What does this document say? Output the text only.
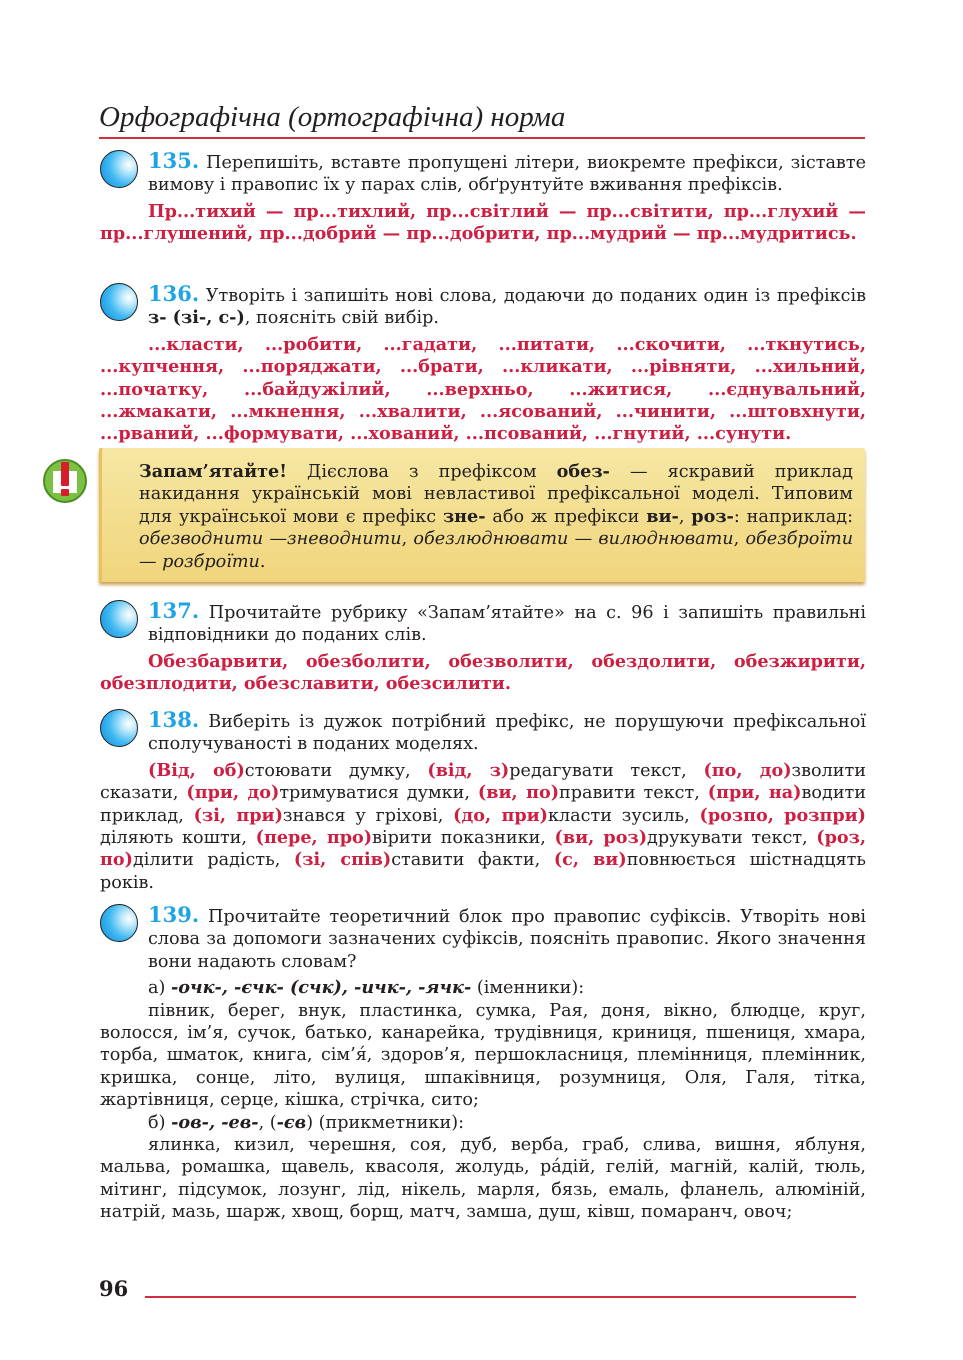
Орфографічна (ортографічна) норма
135. Перепишіть, вставте пропущені літери, виокремте префікси, зіставте вимову і правопис їх у парах слів, обґрунтуйте вживання префіксів.
Пр...тихий — пр...тихлий, пр...світлий — пр...світити, пр...глухий — пр...глушений, пр...добрий — пр...добрити, пр...мудрий — пр...мудритись.
136. Утворіть і запишіть нові слова, додаючи до поданих один із префіксів з- (зі-, с-), поясніть свій вибір.
...класти, ...робити, ...гадати, ...питати, ...скочити, ...ткнутись, ...купчення, ...поряджати, ...брати, ...кликати, ...рівняти, ...хильний, ...початку, ...байдужілий, ...верхньо, ...житися, ...єднувальний, ...жмакати, ...мкнення, ...хвалити, ...ясований, ...чинити, ...штовхнути, ...рваний, ...формувати, ...хований, ...псований, ...гнутий, ...сунути.
Запам’ятайте! Дієслова з префіксом обез- — яскравий приклад накидання українській мові невластивої префіксальної моделі. Типовим для української мови є префікс зне- або ж префікси ви-, роз-: наприклад: обезводнити —зневоднити, обезлюднювати — вилюднювати, обезброїти — розброїти.
137. Прочитайте рубрику «Запам’ятайте» на с. 96 і запишіть правильні відповідники до поданих слів.
Обезбарвити, обезболити, обезволити, обездолити, обезжирити, обезплодити, обезславити, обезсилити.
138. Виберіть із дужок потрібний префікс, не порушуючи префіксальної сполучуваності в поданих моделях.
(Від, об)стоювати думку, (від, з)редагувати текст, (по, до)зволити сказати, (при, до)тримуватися думки, (ви, по)правити текст, (при, на)водити приклад, (зі, при)знався у гріхові, (до, при)класти зусиль, (розпо, розпри) діляють кошти, (пере, про)вірити показники, (ви, роз)друкувати текст, (роз, по)ділити радість, (зі, спів)ставити факти, (с, ви)повнюється шістнадцять років.
139. Прочитайте теоретичний блок про правопис суфіксів. Утворіть нові слова за допомоги зазначених суфіксів, поясніть правопис. Якого значення вони надають словам?
а) -очк-, -єчк- (счк), -ичк-, -ячк- (іменники):
півник, берег, внук, пластинка, сумка, Рая, доня, вікно, блюдце, круг, волосся, ім’я, сучок, батько, канарейка, трудівниця, криниця, пшениця, хмара, торба, шматок, книга, сім’я́, здоров’я, першокласниця, племінниця, племінник, кришка, сонце, літо, вулиця, шпаківниця, розумниця, Оля, Галя, тітка, жартівниця, серце, кішка, стрічка, сито;
б) -ов-, -ев-, (-єв) (прикметники):
ялинка, кизил, черешня, соя, дуб, верба, граб, слива, вишня, яблуня, мальва, ромашка, щавель, квасоля, жолудь, ра́дій, гелій, магній, калій, тюль, мітинг, підсумок, лозунг, лід, нікель, марля, бязь, емаль, фланель, алюміній, натрій, мазь, шарж, хвощ, борщ, матч, замша, душ, ківш, помаранч, овоч;
96
